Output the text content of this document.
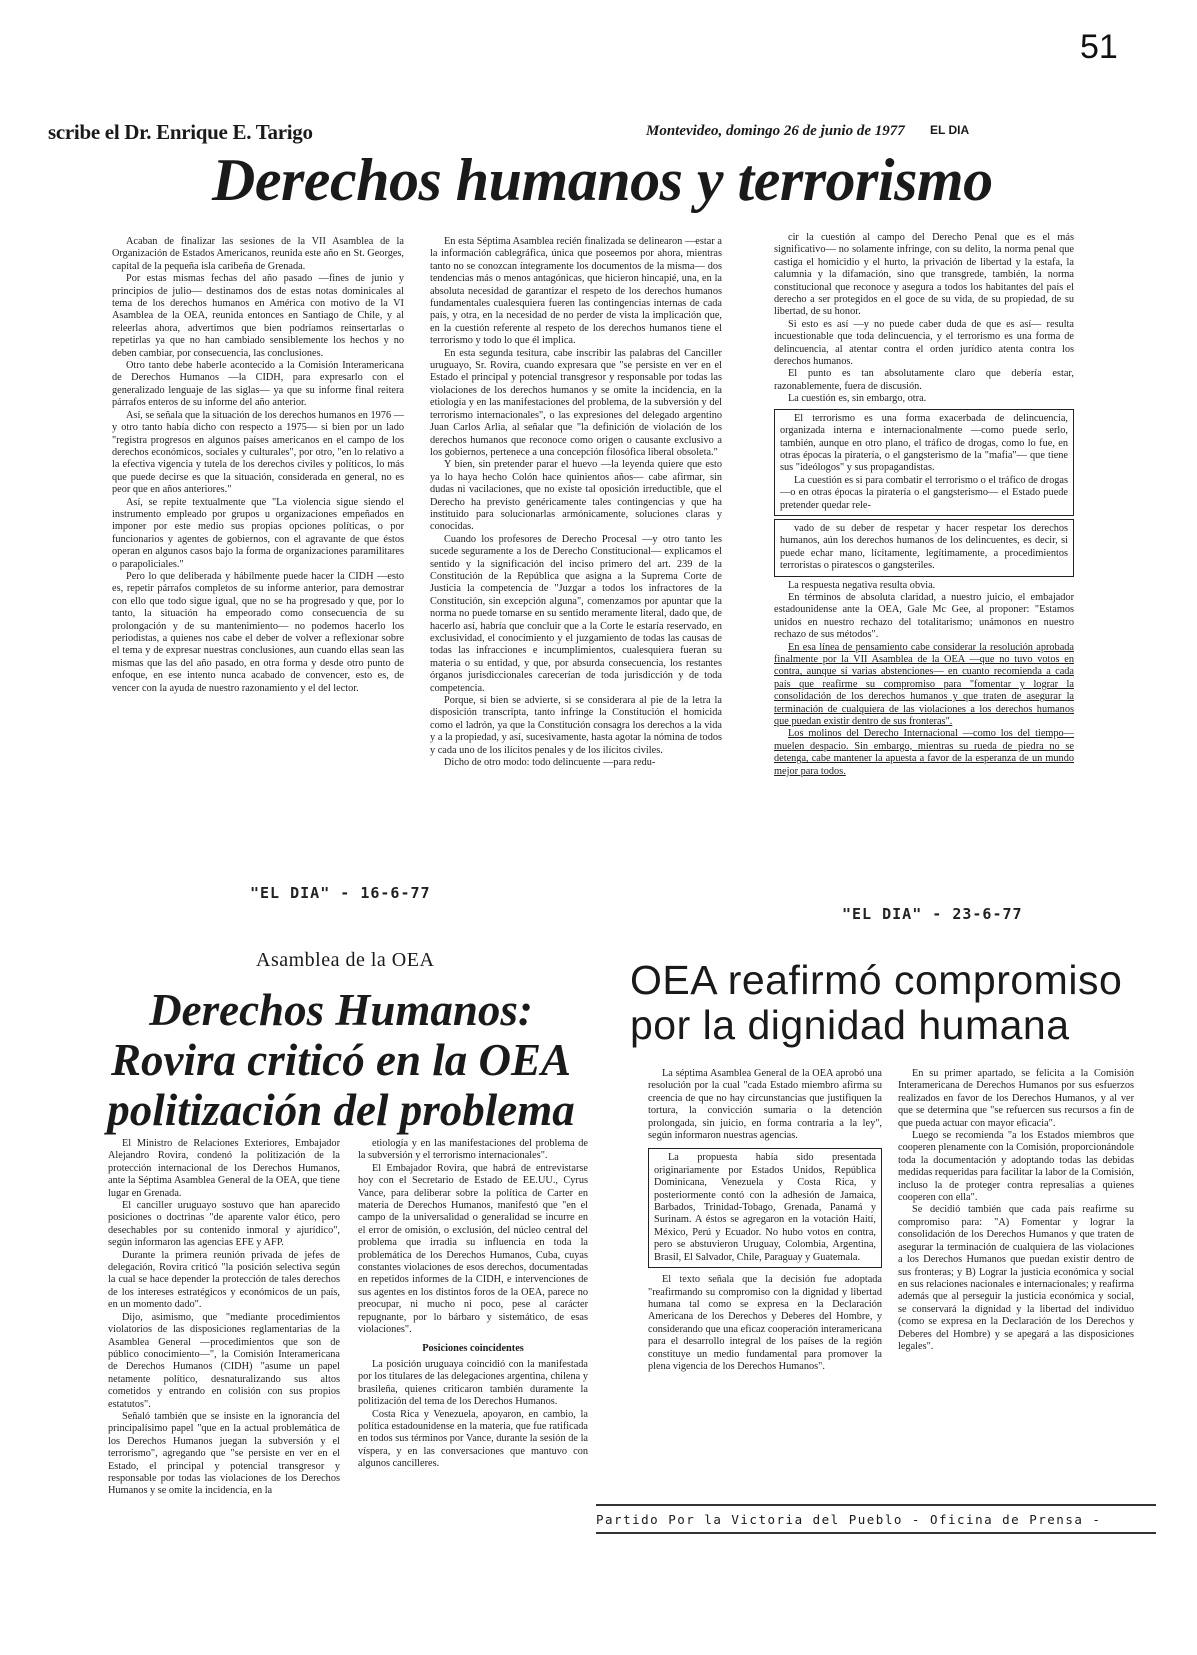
51
scribe el Dr. Enrique E. Tarigo	Montevideo, domingo 26 de junio de 1977 EL DIA
Derechos humanos y terrorismo

Acaban de finalizar las sesiones de la VII Asamblea de la Organización de Estados Americanos, reunida este año en St. Georges, capital de la pequeña isla caribeña de Grenada.

Por estas mismas fechas del año pasado —fines de junio y principios de julio— destinamos dos de estas notas dominicales al tema de los derechos humanos en América con motivo de la VI Asamblea de la OEA, reunida entonces en Santiago de Chile, y al releerlas ahora, advertimos que bien podríamos reinsertarlas o repetirlas ya que no han cambiado sensiblemente los hechos y no deben cambiar, por consecuencia, las conclusiones.

Otro tanto debe haberle acontecido a la Comisión Interamericana de Derechos Humanos —la CIDH, para expresarlo con el generalizado lenguaje de las siglas— ya que su informe final reitera párrafos enteros de su informe del año anterior.

Así, se señala que la situación de los derechos humanos en 1976 —y otro tanto había dicho con respecto a 1975— si bien por un lado "registra progresos en algunos países americanos en el campo de los derechos económicos, sociales y culturales", por otro, "en lo relativo a la efectiva vigencia y tutela de los derechos civiles y políticos, lo más que puede decirse es que la situación, considerada en general, no es peor que en años anteriores."

Así, se repite textualmente que "La violencia sigue siendo el instrumento empleado por grupos u organizaciones empeñados en imponer por este medio sus propias opciones políticas, o por funcionarios y agentes de gobiernos, con el agravante de que éstos operan en algunos casos bajo la forma de organizaciones paramilitares o parapoliciales."

Pero lo que deliberada y hábilmente puede hacer la CIDH —esto es, repetir párrafos completos de su informe anterior, para demostrar con ello que todo sigue igual, que no se ha progresado y que, por lo tanto, la situación ha empeorado como consecuencia de su prolongación y de su mantenimiento— no podemos hacerlo los periodistas, a quienes nos cabe el deber de volver a reflexionar sobre el tema y de expresar nuestras conclusiones, aun cuando ellas sean las mismas que las del año pasado, en otra forma y desde otro punto de enfoque, en ese intento nunca acabado de convencer, esto es, de vencer con la ayuda de nuestro razonamiento y el del lector.

En esta Séptima Asamblea recién finalizada se delinearon —estar a la información cablegráfica, única que poseemos por ahora, mientras tanto no se conozcan íntegramente los documentos de la misma— dos tendencias más o menos antagónicas, que hicieron hincapié, una, en la absoluta necesidad de garantizar el respeto de los derechos humanos fundamentales cualesquiera fueren las contingencias internas de cada país, y otra, en la necesidad de no perder de vista la implicación que, en la cuestión referente al respeto de los derechos humanos tiene el terrorismo y todo lo que él implica.

En esta segunda tesitura, cabe inscribir las palabras del Canciller uruguayo, Sr. Rovira, cuando expresara que "se persiste en ver en el Estado el principal y potencial transgresor y responsable por todas las violaciones de los derechos humanos y se omite la incidencia, en la etiología y en las manifestaciones del problema, de la subversión y del terrorismo internacionales", o las expresiones del delegado argentino Juan Carlos Arlia, al señalar que "la definición de violación de los derechos humanos que reconoce como origen o causante exclusivo a los gobiernos, pertenece a una concepción filosófica liberal obsoleta."

Y bien, sin pretender parar el huevo —la leyenda quiere que esto ya lo haya hecho Colón hace quinientos años— cabe afirmar, sin dudas ni vacilaciones, que no existe tal oposición irreductible, que el Derecho ha previsto genéricamente tales contingencias y que ha instituido para solucionarlas armónicamente, soluciones claras y conocidas.

Cuando los profesores de Derecho Procesal —y otro tanto les sucede seguramente a los de Derecho Constitucional— explicamos el sentido y la significación del inciso primero del art. 239 de la Constitución de la República que asigna a la Suprema Corte de Justicia la competencia de "Juzgar a todos los infractores de la Constitución, sin excepción alguna", comenzamos por apuntar que la norma no puede tomarse en su sentido meramente literal, dado que, de hacerlo así, habría que concluir que a la Corte le estaría reservado, en exclusividad, el conocimiento y el juzgamiento de todas las causas de todas las infracciones e incumplimientos, cualesquiera fueran su materia o su entidad, y que, por absurda consecuencia, los restantes órganos jurisdiccionales carecerían de toda jurisdicción y de toda competencia.

Porque, si bien se advierte, si se considerara al pie de la letra la disposición transcripta, tanto infringe la Constitución el homicida como el ladrón, ya que la Constitución consagra los derechos a la vida y a la propiedad, y así, sucesivamente, hasta agotar la nómina de todos y cada uno de los ilícitos penales y de los ilícitos civiles.

Dicho de otro modo: todo delincuente —para redu-

cir la cuestión al campo del Derecho Penal que es el más significativo— no solamente infringe, con su delito, la norma penal que castiga el homicidio y el hurto, la privación de libertad y la estafa, la calumnia y la difamación, sino que transgrede, también, la norma constitucional que reconoce y asegura a todos los habitantes del país el derecho a ser protegidos en el goce de su vida, de su propiedad, de su libertad, de su honor.

Si esto es así —y no puede caber duda de que es así— resulta incuestionable que toda delincuencia, y el terrorismo es una forma de delincuencia, al atentar contra el orden jurídico atenta contra los derechos humanos.

El punto es tan absolutamente claro que debería estar, razonablemente, fuera de discusión.

La cuestión es, sin embargo, otra.

El terrorismo es una forma exacerbada de delincuencia, organizada interna e internacionalmente —como puede serlo, también, aunque en otro plano, el tráfico de drogas, como lo fue, en otras épocas la piratería, o el gangsterismo de la "mafia"— que tiene sus "ideólogos" y sus propagandistas.

La cuestión es si para combatir el terrorismo o el tráfico de drogas —o en otras épocas la piratería o el gangsterismo— el Estado puede pretender quedar rele-

vado de su deber de respetar y hacer respetar los derechos humanos, aún los derechos humanos de los delincuentes, es decir, si puede echar mano, lícitamente, legítimamente, a procedimientos terroristas o piratescos o gangsteriles.

La respuesta negativa resulta obvia.

En términos de absoluta claridad, a nuestro juicio, el embajador estadounidense ante la OEA, Gale Mc Gee, al proponer: "Estamos unidos en nuestro rechazo del totalitarismo; unámonos en nuestro rechazo de sus métodos".

En esa línea de pensamiento cabe considerar la resolución aprobada finalmente por la VII Asamblea de la OEA —que no tuvo votos en contra, aunque sí varias abstenciones— en cuanto recomienda a cada país que reafirme su compromiso para "fomentar y lograr la consolidación de los derechos humanos y que traten de asegurar la terminación de cualquiera de las violaciones a los derechos humanos que puedan existir dentro de sus fronteras".

Los molinos del Derecho Internacional —como los del tiempo— muelen despacio. Sin embargo, mientras su rueda de piedra no se detenga, cabe mantener la apuesta a favor de la esperanza de un mundo mejor para todos.

"EL DIA" - 16-6-77
Asamblea de la OEA
Derechos Humanos: Rovira criticó en la OEA politización del problema

El Ministro de Relaciones Exteriores, Embajador Alejandro Rovira, condenó la politización de la protección internacional de los Derechos Humanos, ante la Séptima Asamblea General de la OEA, que tiene lugar en Grenada.

El canciller uruguayo sostuvo que han aparecido posiciones o doctrinas "de aparente valor ético, pero desechables por su contenido inmoral y ajurídico", según informaron las agencias EFE y AFP.

Durante la primera reunión privada de jefes de delegación, Rovira criticó "la posición selectiva según la cual se hace depender la protección de tales derechos de los intereses estratégicos y económicos de un país, en un momento dado".

Dijo, asimismo, que "mediante procedimientos violatorios de las disposiciones reglamentarias de la Asamblea General —procedimientos que son de público conocimiento—", la Comisión Interamericana de Derechos Humanos (CIDH) "asume un papel netamente político, desnaturalizando sus altos cometidos y entrando en colisión con sus propios estatutos".

Señaló también que se insiste en la ignorancia del principalísimo papel "que en la actual problemática de los Derechos Humanos juegan la subversión y el terrorismo", agregando que "se persiste en ver en el Estado, el principal y potencial transgresor y responsable por todas las violaciones de los Derechos Humanos y se omite la incidencia, en la

etiología y en las manifestaciones del problema de la subversión y el terrorismo internacionales".

El Embajador Rovira, que habrá de entrevistarse hoy con el Secretario de Estado de EE.UU., Cyrus Vance, para deliberar sobre la política de Carter en materia de Derechos Humanos, manifestó que "en el campo de la universalidad o generalidad se incurre en el error de omisión, o exclusión, del núcleo central del problema que irradia su influencia en toda la problemática de los Derechos Humanos, Cuba, cuyas constantes violaciones de esos derechos, documentadas en repetidos informes de la CIDH, e intervenciones de sus agentes en los distintos foros de la OEA, parece no preocupar, ni mucho ni poco, pese al carácter repugnante, por lo bárbaro y sistemático, de esas violaciones".

Posiciones coincidentes

La posición uruguaya coincidió con la manifestada por los titulares de las delegaciones argentina, chilena y brasileña, quienes criticaron también duramente la politización del tema de los Derechos Humanos.

Costa Rica y Venezuela, apoyaron, en cambio, la política estadounidense en la materia, que fue ratificada en todos sus términos por Vance, durante la sesión de la víspera, y en las conversaciones que mantuvo con algunos cancilleres.

"EL DIA" - 23-6-77
OEA reafirmó compromiso por la dignidad humana

La séptima Asamblea General de la OEA aprobó una resolución por la cual "cada Estado miembro afirma su creencia de que no hay circunstancias que justifiquen la tortura, la convicción sumaria o la detención prolongada, sin juicio, en forma contraria a la ley", según informaron nuestras agencias.

La propuesta había sido presentada originariamente por Estados Unidos, República Dominicana, Venezuela y Costa Rica, y posteriormente contó con la adhesión de Jamaica, Barbados, Trinidad-Tobago, Grenada, Panamá y Surinam. A éstos se agregaron en la votación Haití, México, Perú y Ecuador. No hubo votos en contra, pero se abstuvieron Uruguay, Colombia, Argentina, Brasil, El Salvador, Chile, Paraguay y Guatemala.

El texto señala que la decisión fue adoptada "reafirmando su compromiso con la dignidad y libertad humana tal como se expresa en la Declaración Americana de los Derechos y Deberes del Hombre, y considerando que una eficaz cooperación interamericana para el desarrollo integral de los países de la región constituye un medio fundamental para promover la plena vigencia de los Derechos Humanos".

En su primer apartado, se felicita a la Comisión Interamericana de Derechos Humanos por sus esfuerzos realizados en favor de los Derechos Humanos, y al ver que se determina que "se refuercen sus recursos a fin de que pueda actuar con mayor eficacia".

Luego se recomienda "a los Estados miembros que cooperen plenamente con la Comisión, proporcionándole toda la documentación y adoptando todas las debidas medidas requeridas para facilitar la labor de la Comisión, incluso la de proteger contra represalias a quienes cooperen con ella".

Se decidió también que cada país reafirme su compromiso para: "A) Fomentar y lograr la consolidación de los Derechos Humanos y que traten de asegurar la terminación de cualquiera de las violaciones a los Derechos Humanos que puedan existir dentro de sus fronteras; y B) Lograr la justicia económica y social en sus relaciones nacionales e internacionales; y reafirma además que al perseguir la justicia económica y social, se conservará la dignidad y la libertad del individuo (como se expresa en la Declaración de los Derechos y Deberes del Hombre) y se apegará a las disposiciones legales".

Partido Por la Victoria del Pueblo - Oficina de Prensa -
